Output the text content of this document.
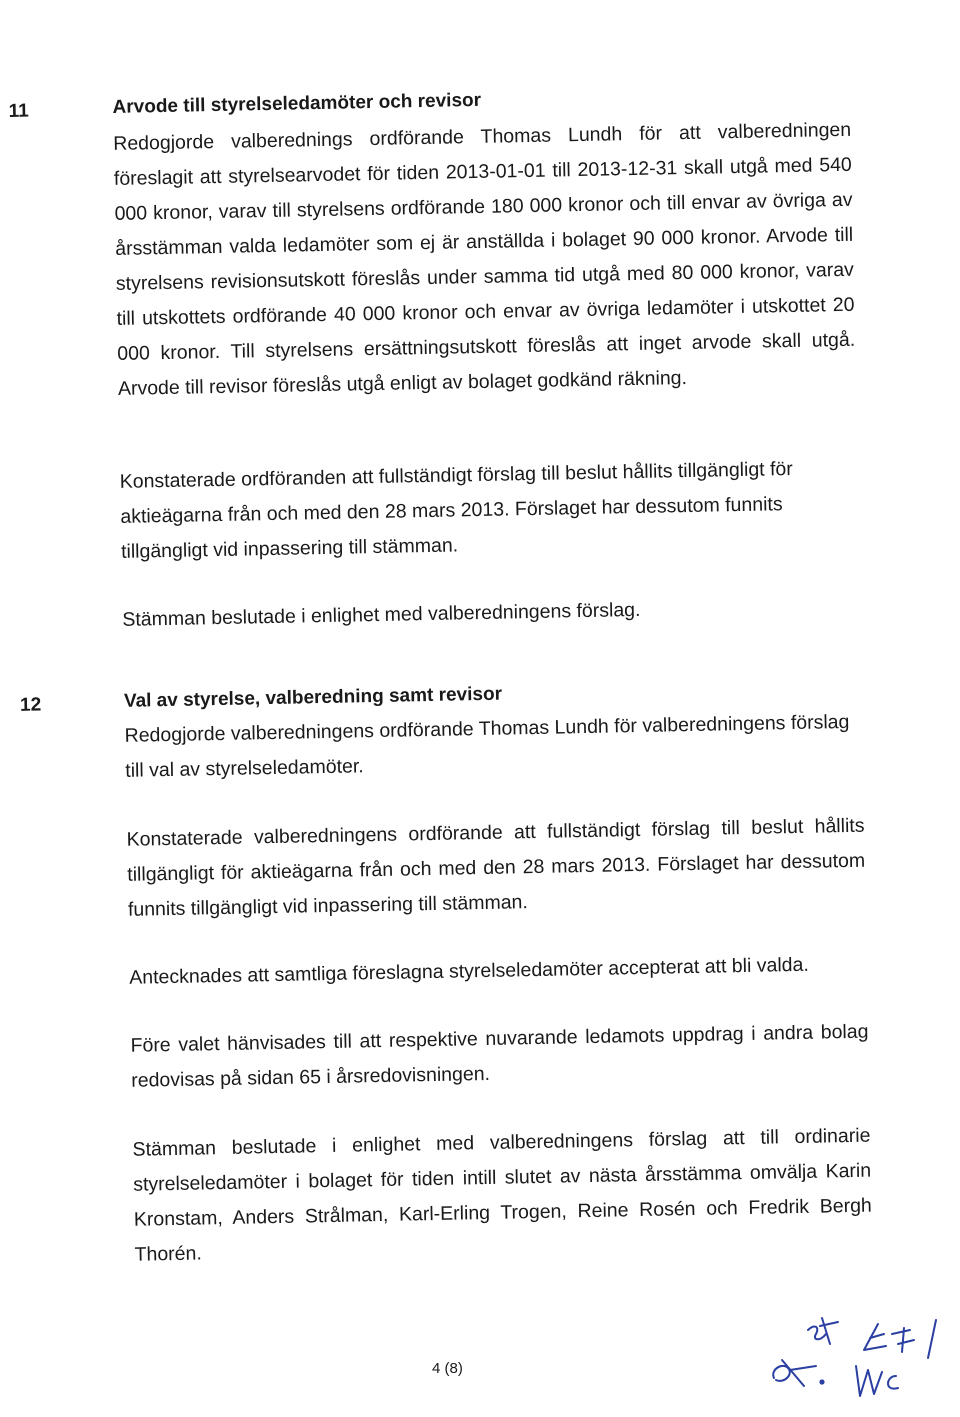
11	Arvode till styrelseledamöter och revisor
Redogjorde valberednings ordförande Thomas Lundh för att valberedningen föreslagit att styrelsearvodet för tiden 2013-01-01 till 2013-12-31 skall utgå med 540 000 kronor, varav till styrelsens ordförande 180 000 kronor och till envar av övriga av årsstämman valda ledamöter som ej är anställda i bolaget 90 000 kronor. Arvode till styrelsens revisionsutskott föreslås under samma tid utgå med 80 000 kronor, varav till utskottets ordförande 40 000 kronor och envar av övriga ledamöter i utskottet 20 000 kronor. Till styrelsens ersättningsutskott föreslås att inget arvode skall utgå. Arvode till revisor föreslås utgå enligt av bolaget godkänd räkning.
Konstaterade ordföranden att fullständigt förslag till beslut hållits tillgängligt för aktieägarna från och med den 28 mars 2013. Förslaget har dessutom funnits tillgängligt vid inpassering till stämman.
Stämman beslutade i enlighet med valberedningens förslag.
12	Val av styrelse, valberedning samt revisor
Redogjorde valberedningens ordförande Thomas Lundh för valberedningens förslag till val av styrelseledamöter.
Konstaterade valberedningens ordförande att fullständigt förslag till beslut hållits tillgängligt för aktieägarna från och med den 28 mars 2013. Förslaget har dessutom funnits tillgängligt vid inpassering till stämman.
Antecknades att samtliga föreslagna styrelseledamöter accepterat att bli valda.
Före valet hänvisades till att respektive nuvarande ledamots uppdrag i andra bolag redovisas på sidan 65 i årsredovisningen.
Stämman beslutade i enlighet med valberedningens förslag att till ordinarie styrelseledamöter i bolaget för tiden intill slutet av nästa årsstämma omvälja Karin Kronstam, Anders Strålman, Karl-Erling Trogen, Reine Rosén och Fredrik Bergh Thorén.
4 (8)
